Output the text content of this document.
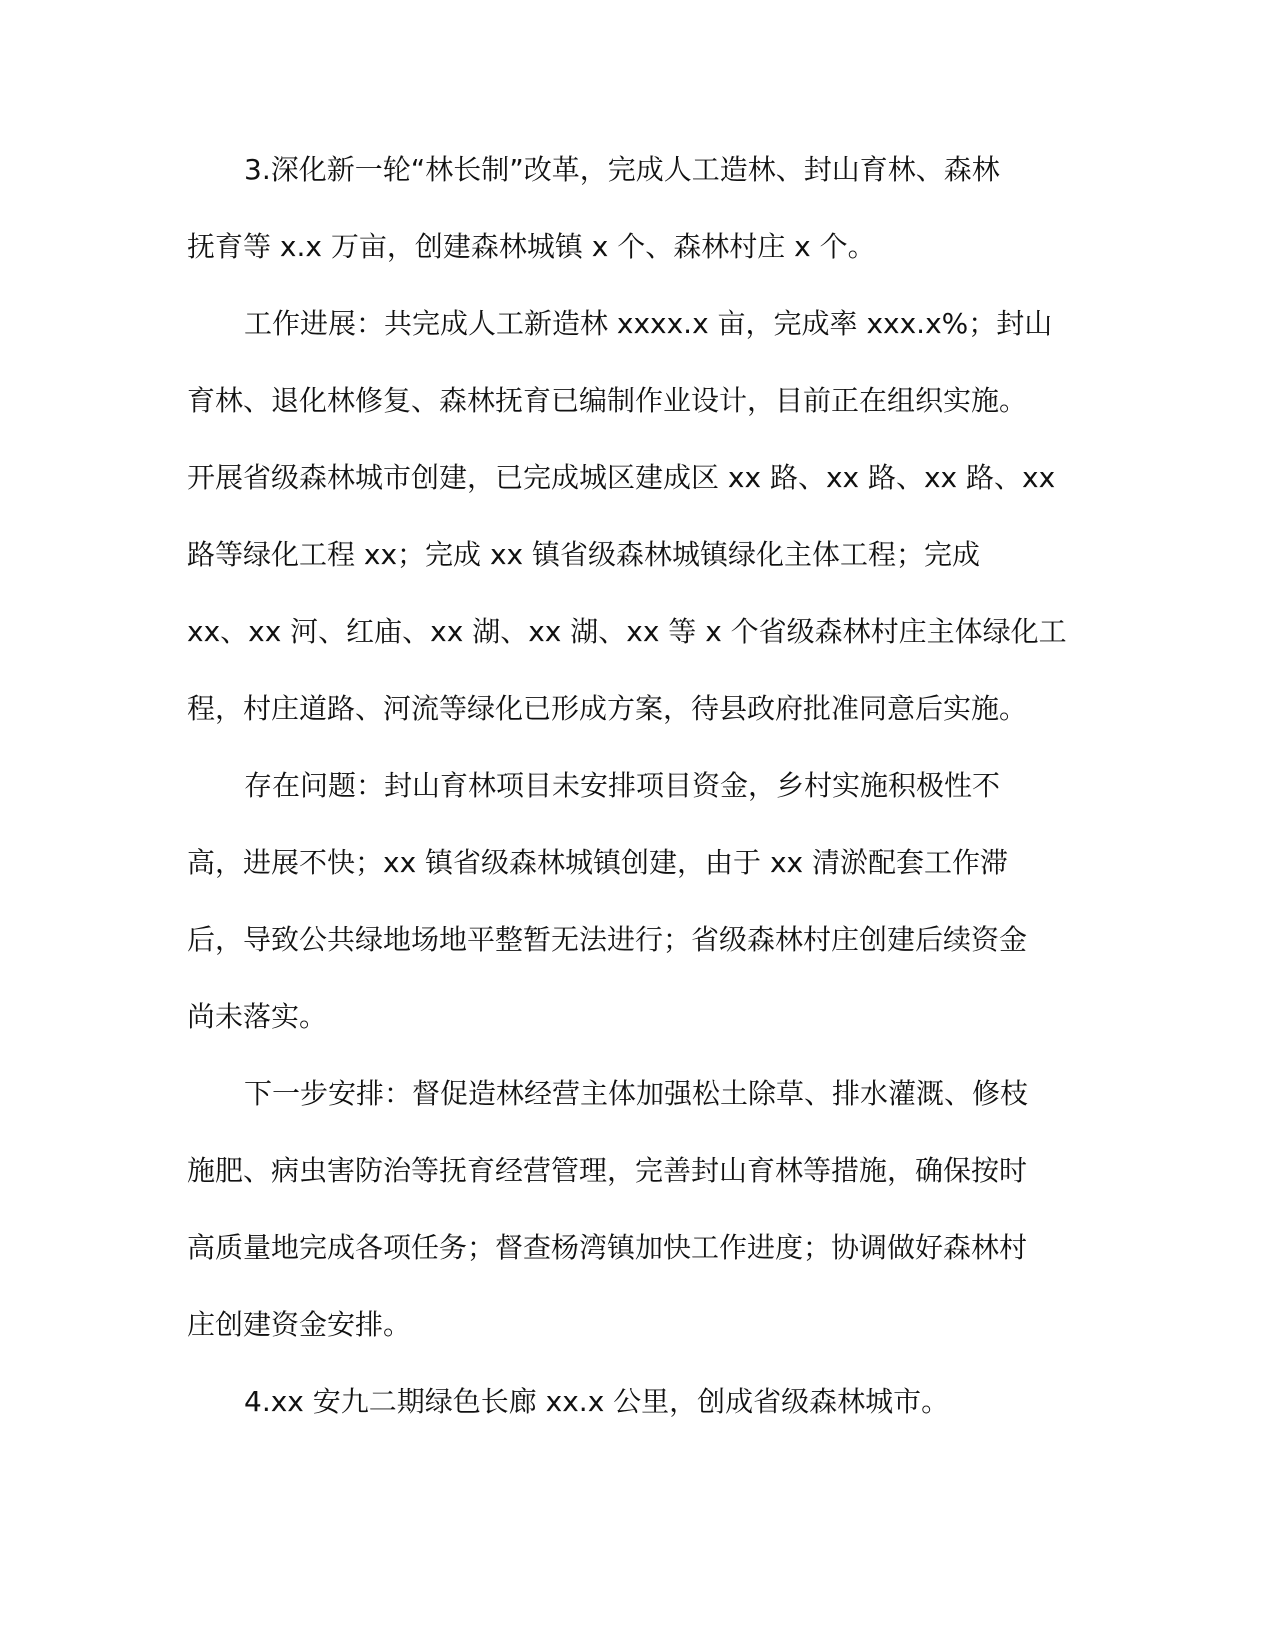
3.深化新一轮“林长制”改革，完成人工造林、封山育林、森林
抚育等 x.x 万亩，创建森林城镇 x 个、森林村庄 x 个。
工作进展：共完成人工新造林 xxxx.x 亩，完成率 xxx.x%；封山
育林、退化林修复、森林抚育已编制作业设计，目前正在组织实施。
开展省级森林城市创建，已完成城区建成区 xx 路、xx 路、xx 路、xx
路等绿化工程 xx；完成 xx 镇省级森林城镇绿化主体工程；完成
xx、xx 河、红庙、xx 湖、xx 湖、xx 等 x 个省级森林村庄主体绿化工
程，村庄道路、河流等绿化已形成方案，待县政府批准同意后实施。
存在问题：封山育林项目未安排项目资金，乡村实施积极性不
高，进展不快；xx 镇省级森林城镇创建，由于 xx 清淤配套工作滞
后，导致公共绿地场地平整暂无法进行；省级森林村庄创建后续资金
尚未落实。
下一步安排：督促造林经营主体加强松土除草、排水灌溉、修枝
施肥、病虫害防治等抚育经营管理，完善封山育林等措施，确保按时
高质量地完成各项任务；督查杨湾镇加快工作进度；协调做好森林村
庄创建资金安排。
4.xx 安九二期绿色长廊 xx.x 公里，创成省级森林城市。
